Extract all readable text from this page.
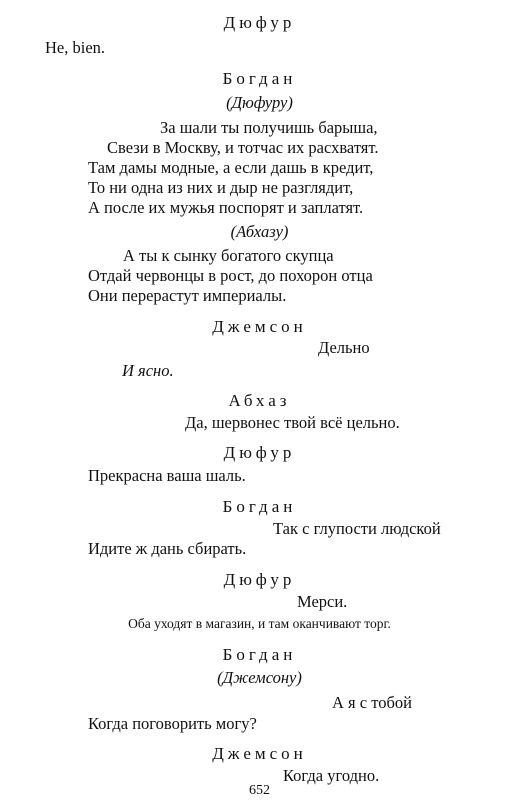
Дюфур
Не, bien.
Богдан
(Дюфуру)
За шали ты получишь барыша,
Свези в Москву, и тотчас их расхватят.
Там дамы модные, а если дашь в кредит,
То ни одна из них и дыр не разглядит,
А после их мужья поспорят и заплатят.
(Абхазу)
А ты к сынку богатого скупца
Отдай червонцы в рост, до похорон отца
Они перерастут империалы.
Джемсон
Дельно
И ясно.
Абхаз
Да, шервонес твой всё цельно.
Дюфур
Прекрасна ваша шаль.
Богдан
Так с глупости людской
Идите ж дань сбирать.
Дюфур
Мерси.
Оба уходят в магазин, и там оканчивают торг.
Богдан
(Джемсону)
А я с тобой
Когда поговорить могу?
Джемсон
Когда угодно.
652
